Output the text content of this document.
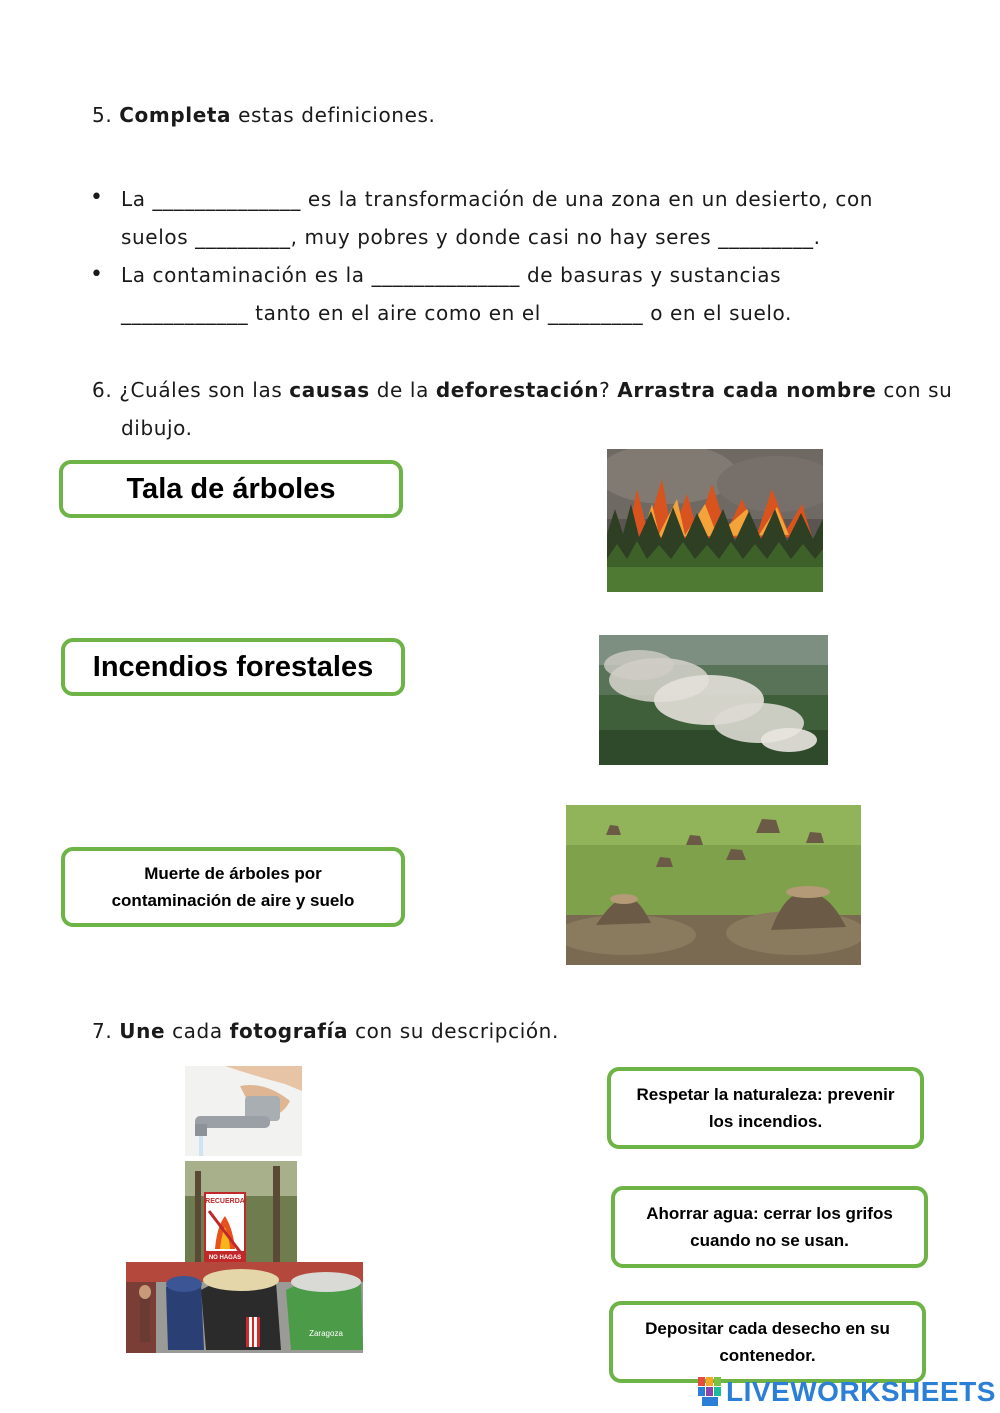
5. Completa estas definiciones.
• La ______________ es la transformación de una zona en un desierto, con
suelos _________, muy pobres y donde casi no hay seres _________.
• La contaminación es la ______________ de basuras y sustancias
____________ tanto en el aire como en el _________ o en el suelo.
6. ¿Cuáles son las causas de la deforestación? Arrastra cada nombre con su
dibujo.
Tala de árboles
Incendios forestales
Muerte de árboles por
contaminación de aire y suelo
7. Une cada fotografía con su descripción.
RECUERDA
NO HAGAS
Zaragoza
Respetar la naturaleza: prevenir
los incendios.
Ahorrar agua: cerrar los grifos
cuando no se usan.
Depositar cada desecho en su
contenedor.
LIVEWORKSHEETS
